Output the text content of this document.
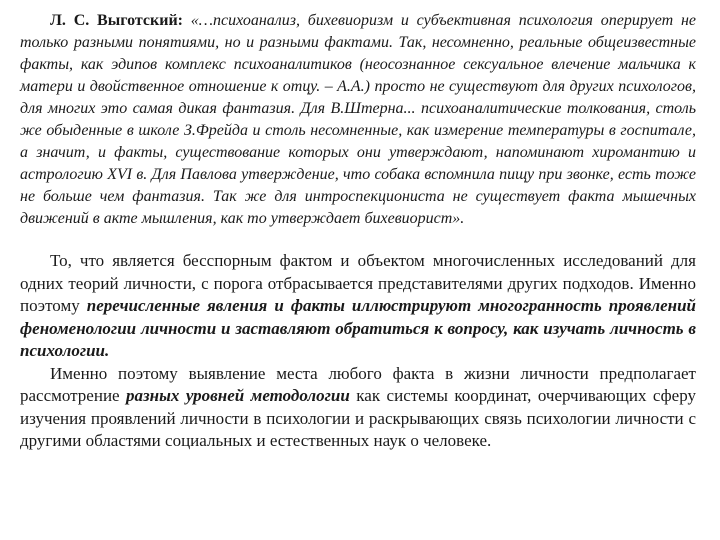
Л. С. Выготский: «…психоанализ, бихевиоризм и субъективная психология оперирует не только разными понятиями, но и разными фактами. Так, несомненно, реальные общеизвестные факты, как эдипов комплекс психоаналитиков (неосознанное сексуальное влечение мальчика к матери и двойственное отношение к отцу. – А.А.) просто не существуют для других психологов, для многих это самая дикая фантазия. Для В.Штерна... психоаналитические толкования, столь же обыденные в школе З.Фрейда и столь несомненные, как измерение температуры в госпитале, а значит, и факты, существование которых они утверждают, напоминают хиромантию и астрологию XVI в. Для Павлова утверждение, что собака вспомнила пищу при звонке, есть тоже не больше чем фантазия. Так же для интроспекциониста не существует факта мышечных движений в акте мышления, как то утверждает бихевиорист».

То, что является бесспорным фактом и объектом многочисленных исследований для одних теорий личности, с порога отбрасывается представителями других подходов. Именно поэтому перечисленные явления и факты иллюстрируют многогранность проявлений феноменологии личности и заставляют обратиться к вопросу, как изучать личность в психологии.

Именно поэтому выявление места любого факта в жизни личности предполагает рассмотрение разных уровней методологии как системы координат, очерчивающих сферу изучения проявлений личности в психологии и раскрывающих связь психологии личности с другими областями социальных и естественных наук о человеке.
